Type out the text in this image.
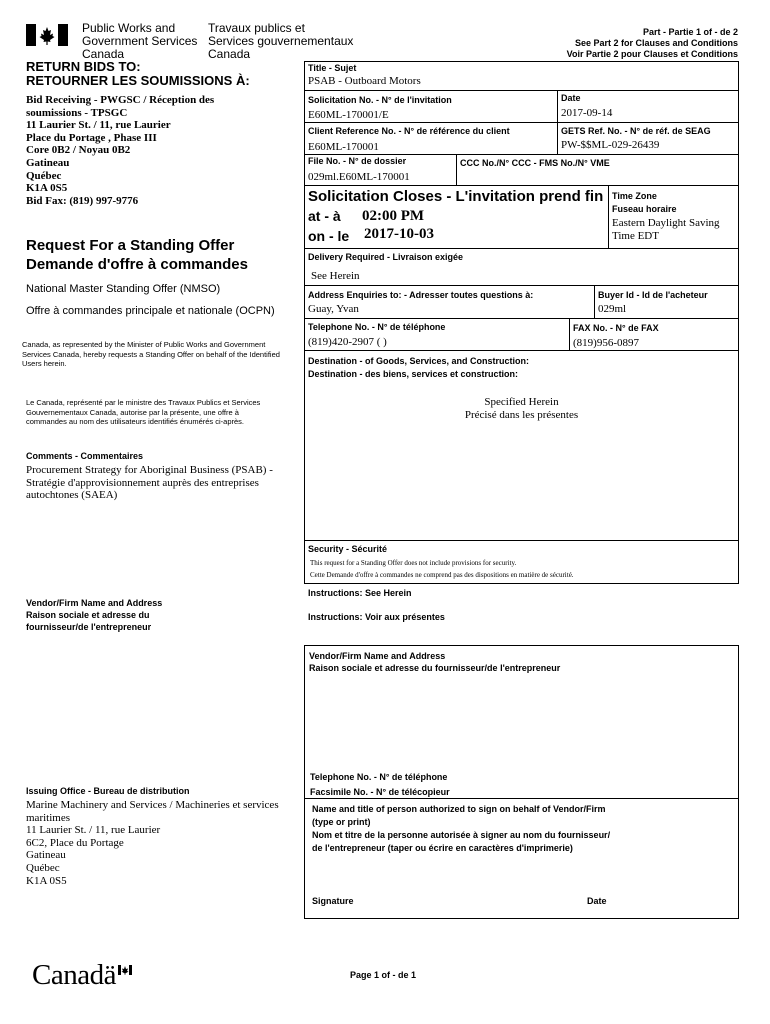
Public Works and
Government Services
Canada
Travaux publics et
Services gouvernementaux
Canada
Part - Partie 1 of - de 2
See Part 2 for Clauses and Conditions
Voir Partie 2 pour Clauses et Conditions
RETURN BIDS TO:
RETOURNER LES SOUMISSIONS À:
Bid Receiving - PWGSC / Réception des
soumissions - TPSGC
11 Laurier St. / 11, rue Laurier
Place du Portage , Phase III
Core 0B2 / Noyau 0B2
Gatineau
Québec
K1A 0S5
Bid Fax: (819) 997-9776
Request For a Standing Offer
Demande d'offre à commandes
National Master Standing Offer (NMSO)
Offre à commandes principale et nationale (OCPN)
Canada, as represented by the Minister of Public Works and Government Services Canada, hereby requests a Standing Offer on behalf of the Identified Users herein.
Le Canada, représenté par le ministre des Travaux Publics et Services Gouvernementaux Canada, autorise par la présente, une offre à commandes au nom des utilisateurs identifiés énumérés ci-après.
Comments - Commentaires
Procurement Strategy for Aboriginal Business (PSAB) - Stratégie d'approvisionnement auprès des entreprises autochtones (SAEA)
Vendor/Firm Name and Address
Raison sociale et adresse du
fournisseur/de l'entrepreneur
Issuing Office - Bureau de distribution
Marine Machinery and Services / Machineries et services
maritimes
11 Laurier St. / 11, rue Laurier
6C2, Place du Portage
Gatineau
Québec
K1A 0S5
Title - Sujet
PSAB - Outboard Motors
Solicitation No. - N° de l'invitation
E60ML-170001/E
Date
2017-09-14
Client Reference No. - N° de référence du client
E60ML-170001
GETS Ref. No. - N° de réf. de SEAG
PW-$$ML-029-26439
File No. - N° de dossier
029ml.E60ML-170001
CCC No./N° CCC - FMS No./N° VME
Solicitation Closes - L'invitation prend fin
at - à 02:00 PM
on - le 2017-10-03
Time Zone
Fuseau horaire
Eastern Daylight Saving
Time EDT
Delivery Required - Livraison exigée
See Herein
Address Enquiries to: - Adresser toutes questions à:
Guay, Yvan
Buyer Id - Id de l'acheteur
029ml
Telephone No. - N° de téléphone
(819)420-2907 ( )
FAX No. - N° de FAX
(819)956-0897
Destination - of Goods, Services, and Construction:
Destination - des biens, services et construction:
Specified Herein
Précisé dans les présentes
Security - Sécurité
This request for a Standing Offer does not include provisions for security.
Cette Demande d'offre à commandes ne comprend pas des dispositions en matière de sécurité.
Instructions: See Herein
Instructions: Voir aux présentes
Vendor/Firm Name and Address
Raison sociale et adresse du fournisseur/de l'entrepreneur
Telephone No. - N° de téléphone
Facsimile No. - N° de télécopieur
Name and title of person authorized to sign on behalf of Vendor/Firm
(type or print)
Nom et titre de la personne autorisée à signer au nom du fournisseur/
de l'entrepreneur (taper ou écrire en caractères d'imprimerie)
Signature	Date
Canadä	Page 1 of - de 1
